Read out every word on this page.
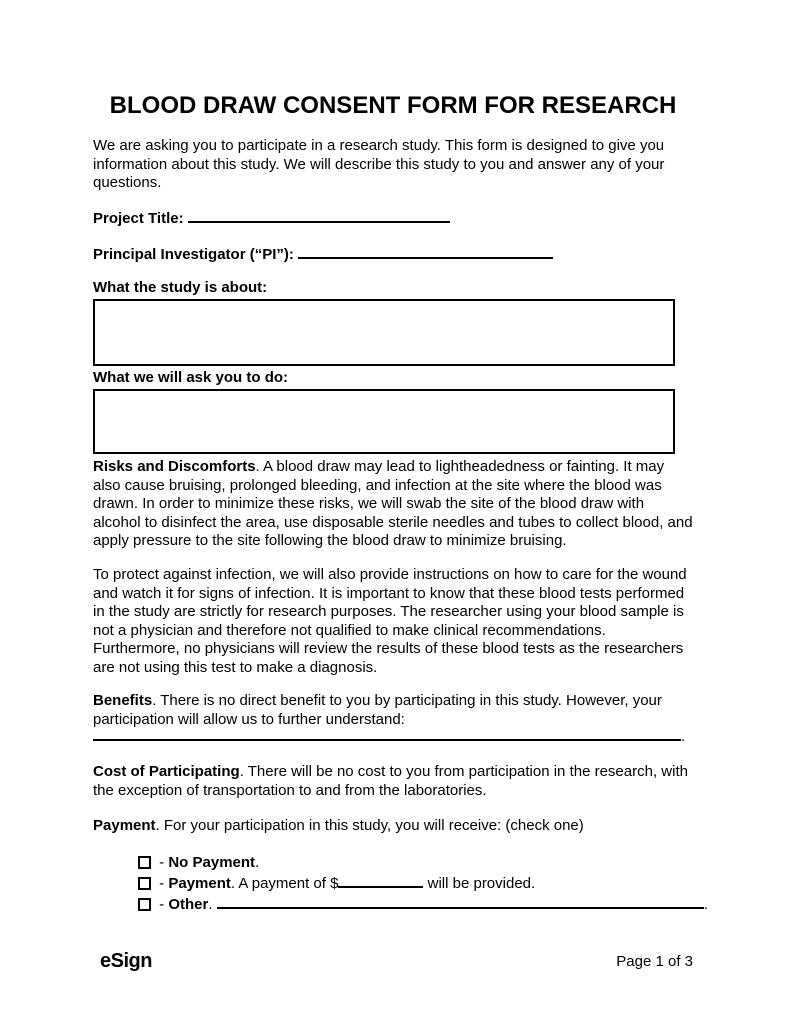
BLOOD DRAW CONSENT FORM FOR RESEARCH
We are asking you to participate in a research study. This form is designed to give you information about this study. We will describe this study to you and answer any of your questions.
Project Title:
Principal Investigator (“PI”):
What the study is about:
What we will ask you to do:
Risks and Discomforts. A blood draw may lead to lightheadedness or fainting. It may also cause bruising, prolonged bleeding, and infection at the site where the blood was drawn. In order to minimize these risks, we will swab the site of the blood draw with alcohol to disinfect the area, use disposable sterile needles and tubes to collect blood, and apply pressure to the site following the blood draw to minimize bruising.
To protect against infection, we will also provide instructions on how to care for the wound and watch it for signs of infection. It is important to know that these blood tests performed in the study are strictly for research purposes. The researcher using your blood sample is not a physician and therefore not qualified to make clinical recommendations. Furthermore, no physicians will review the results of these blood tests as the researchers are not using this test to make a diagnosis.
Benefits. There is no direct benefit to you by participating in this study. However, your participation will allow us to further understand:
.
Cost of Participating. There will be no cost to you from participation in the research, with the exception of transportation to and from the laboratories.
Payment. For your participation in this study, you will receive: (check one)
- No Payment.
- Payment. A payment of $	will be provided.
- Other.	.
eSign	Page 1 of 3
